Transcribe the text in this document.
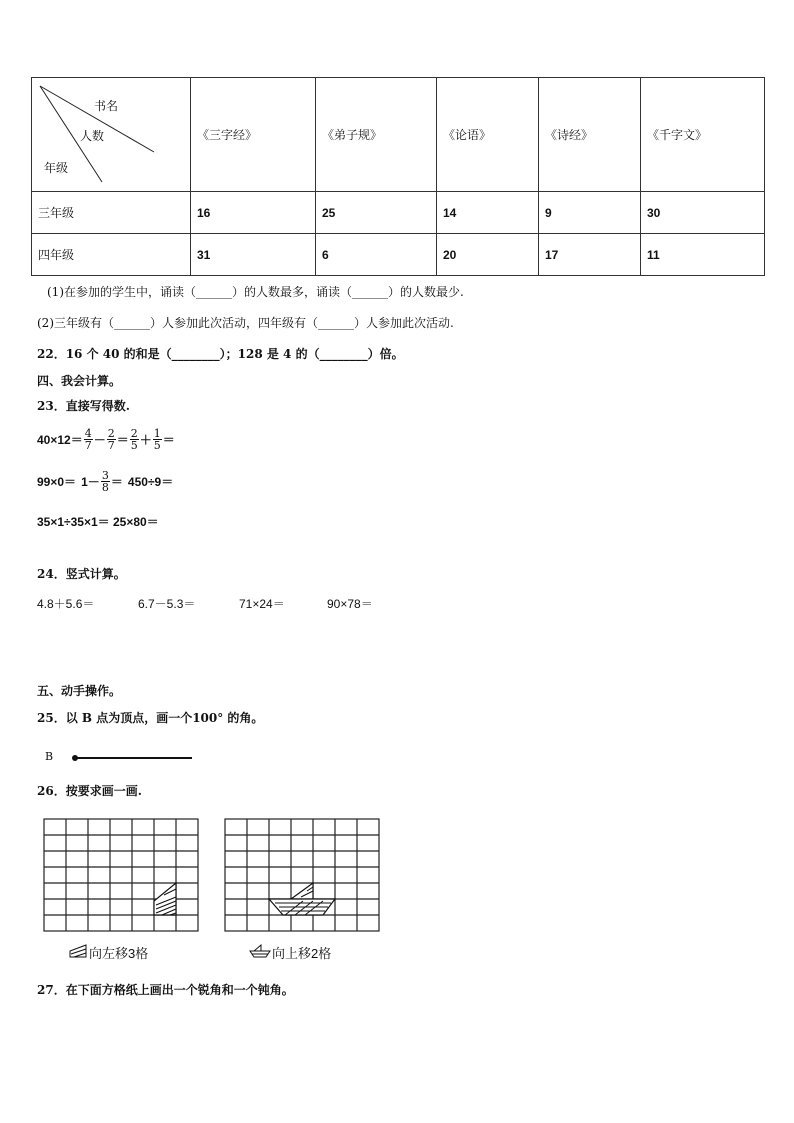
书名
人数
年级	《三字经》	《弟子规》	《论语》	《诗经》	《千字文》
三年级	16	25	14	9	30
四年级	31	6	20	17	11
(1)在参加的学生中，诵读（______）的人数最多，诵读（______）的人数最少.
(2)三年级有（______）人参加此次活动，四年级有（______）人参加此次活动.
22．16 个 40 的和是（________）；128 是 4 的（________）倍。
四、我会计算。
23．直接写得数.
$40\times 12= \frac{4}{7} - \frac{2}{7} = \frac{2}{5} + \frac{1}{5}$ ＝
$99\times 0= 1- \frac{3}{8} = 450\div 9=$
35×1÷35×1＝ 25×80＝
24．竖式计算。
4.8＋5.6＝	6.7－5.3＝	71×24＝	90×78＝
五、动手操作。
25．以 B 点为顶点，画一个100° 的角。
B
26．按要求画一画.
向左移3格	向上移2格
27．在下面方格纸上画出一个锐角和一个钝角。
